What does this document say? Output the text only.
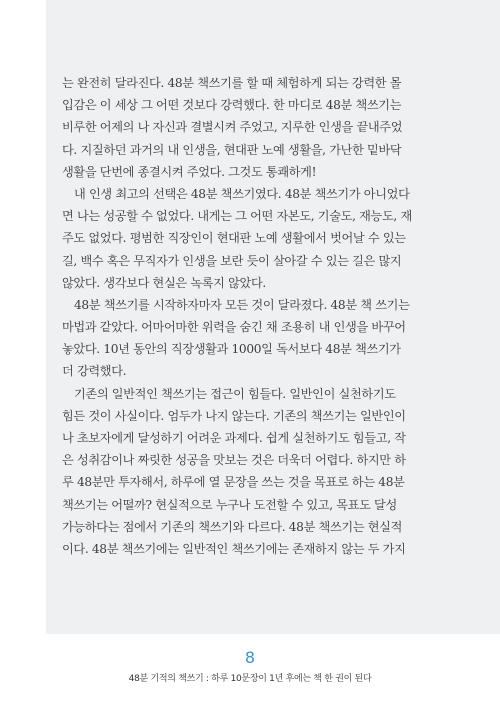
는 완전히 달라진다. 48분 책쓰기를 할 때 체험하게 되는 강력한 몰
입감은 이 세상 그 어떤 것보다 강력했다. 한 마디로 48분 책쓰기는
비루한 어제의 나 자신과 결별시켜 주었고, 지루한 인생을 끝내주었
다. 지질하던 과거의 내 인생을, 현대판 노예 생활을, 가난한 밑바닥
생활을 단번에 종결시켜 주었다. 그것도 통쾌하게!
내 인생 최고의 선택은 48분 책쓰기였다. 48분 책쓰기가 아니었다
면 나는 성공할 수 없었다. 내게는 그 어떤 자본도, 기술도, 재능도, 재
주도 없었다. 평범한 직장인이 현대판 노예 생활에서 벗어날 수 있는
길, 백수 혹은 무직자가 인생을 보란 듯이 살아갈 수 있는 길은 많지
않았다. 생각보다 현실은 녹록지 않았다.
48분 책쓰기를 시작하자마자 모든 것이 달라졌다. 48분 책 쓰기는
마법과 같았다. 어마어마한 위력을 숨긴 채 조용히 내 인생을 바꾸어
놓았다. 10년 동안의 직장생활과 1000일 독서보다 48분 책쓰기가
더 강력했다.
기존의 일반적인 책쓰기는 접근이 힘들다. 일반인이 실천하기도
힘든 것이 사실이다. 엄두가 나지 않는다. 기존의 책쓰기는 일반인이
나 초보자에게 달성하기 어려운 과제다. 쉽게 실천하기도 힘들고, 작
은 성취감이나 짜릿한 성공을 맛보는 것은 더욱더 어렵다. 하지만 하
루 48분만 투자해서, 하루에 열 문장을 쓰는 것을 목표로 하는 48분
책쓰기는 어떨까? 현실적으로 누구나 도전할 수 있고, 목표도 달성
가능하다는 점에서 기존의 책쓰기와 다르다. 48분 책쓰기는 현실적
이다. 48분 책쓰기에는 일반적인 책쓰기에는 존재하지 않는 두 가지
8
48분 기적의 책쓰기 : 하루 10문장이 1년 후에는 책 한 권이 된다
